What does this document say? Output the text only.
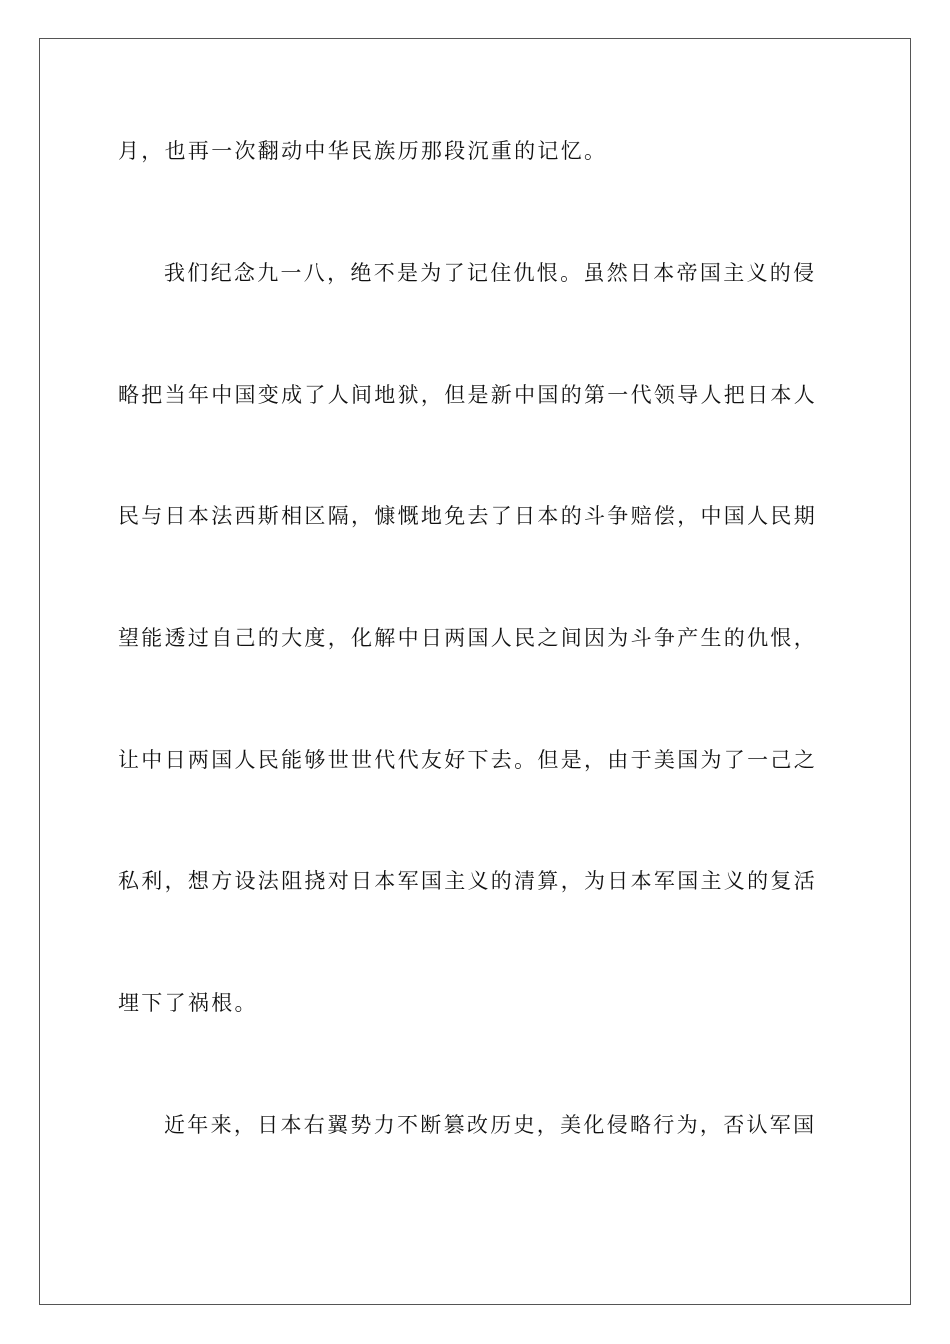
月，也再一次翻动中华民族历那段沉重的记忆。
我们纪念九一八，绝不是为了记住仇恨。虽然日本帝国主义的侵
略把当年中国变成了人间地狱，但是新中国的第一代领导人把日本人
民与日本法西斯相区隔，慷慨地免去了日本的斗争赔偿，中国人民期
望能透过自己的大度，化解中日两国人民之间因为斗争产生的仇恨，
让中日两国人民能够世世代代友好下去。但是，由于美国为了一己之
私利，想方设法阻挠对日本军国主义的清算，为日本军国主义的复活
埋下了祸根。
近年来，日本右翼势力不断篡改历史，美化侵略行为，否认军国
